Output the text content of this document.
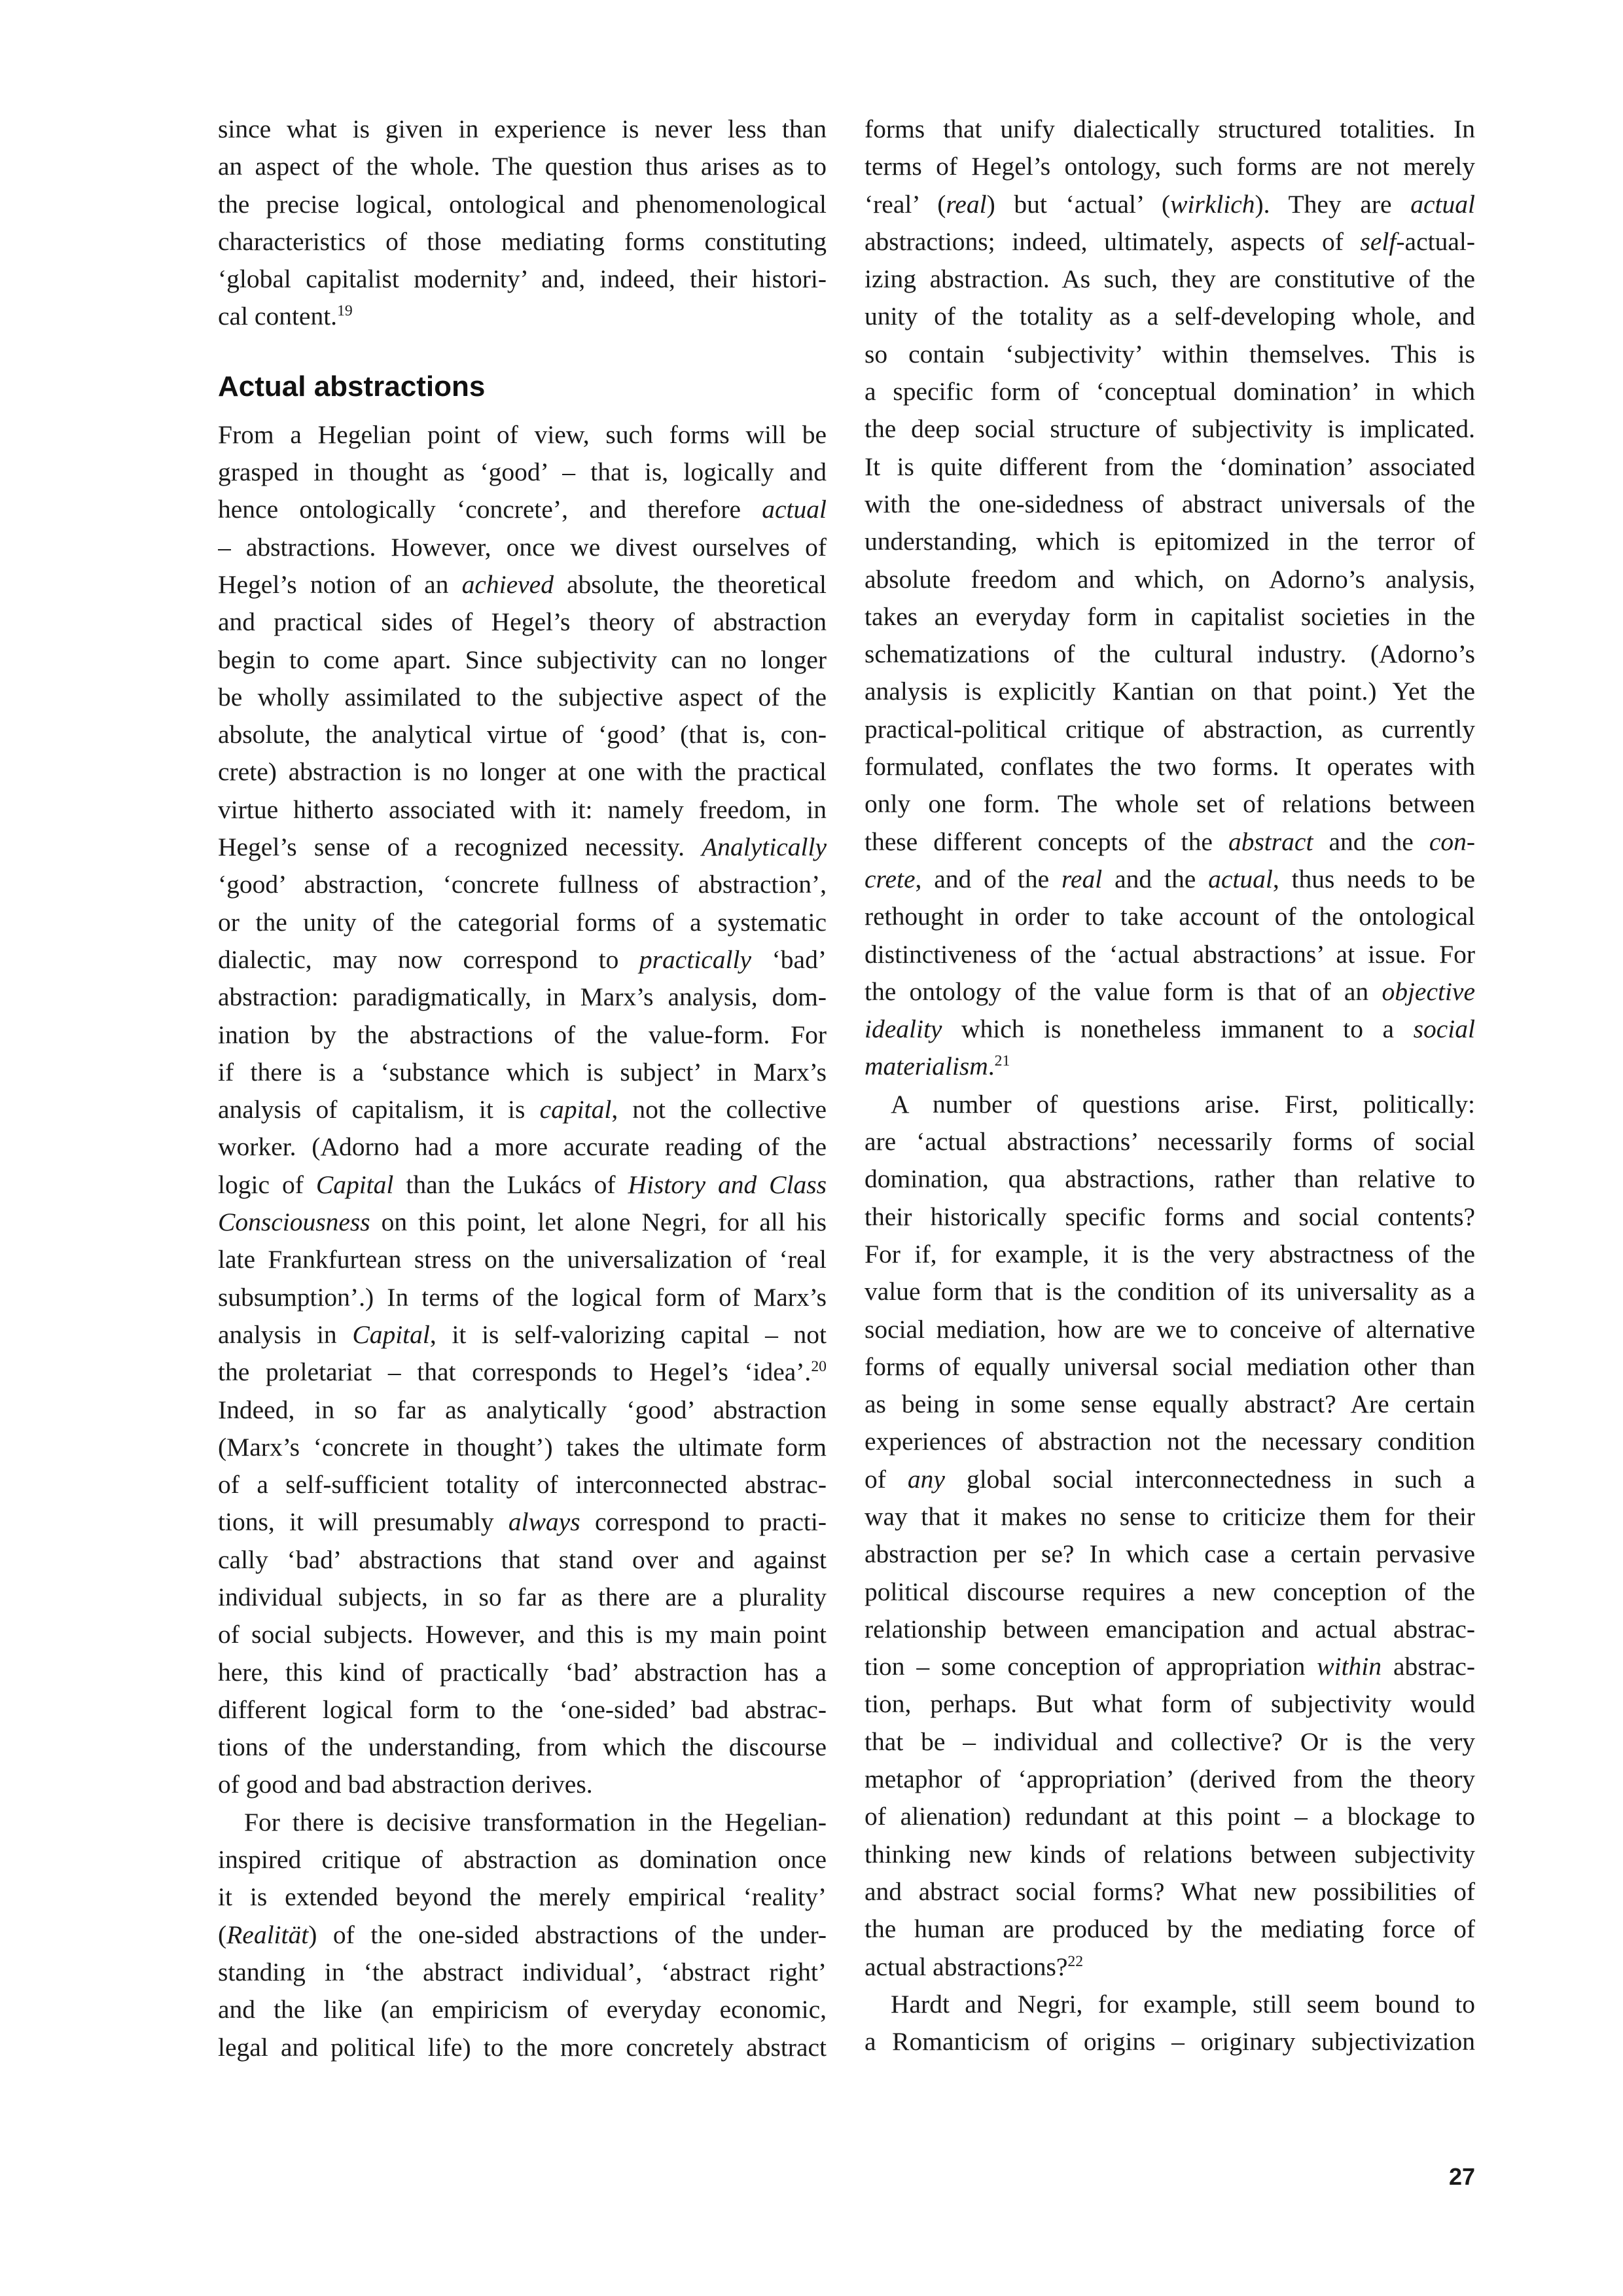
since what is given in experience is never less than
an aspect of the whole. The question thus arises as to
the precise logical, ontological and phenomenological
characteristics of those mediating forms constituting
‘global capitalist modernity’ and, indeed, their histori-
cal content.$^{19}$
Actual abstractions
From a Hegelian point of view, such forms will be
grasped in thought as ‘good’ – that is, logically and
hence ontologically ‘concrete’, and therefore actual
– abstractions. However, once we divest ourselves of
Hegel’s notion of an achieved absolute, the theoretical
and practical sides of Hegel’s theory of abstraction
begin to come apart. Since subjectivity can no longer
be wholly assimilated to the subjective aspect of the
absolute, the analytical virtue of ‘good’ (that is, con-
crete) abstraction is no longer at one with the practical
virtue hitherto associated with it: namely freedom, in
Hegel’s sense of a recognized necessity. Analytically
‘good’ abstraction, ‘concrete fullness of abstraction’,
or the unity of the categorial forms of a systematic
dialectic, may now correspond to practically ‘bad’
abstraction: paradigmatically, in Marx’s analysis, dom-
ination by the abstractions of the value-form. For
if there is a ‘substance which is subject’ in Marx’s
analysis of capitalism, it is capital, not the collective
worker. (Adorno had a more accurate reading of the
logic of Capital than the Lukács of History and Class
Consciousness on this point, let alone Negri, for all his
late Frankfurtean stress on the universalization of ‘real
subsumption’.) In terms of the logical form of Marx’s
analysis in Capital, it is self-valorizing capital – not
the proletariat – that corresponds to Hegel’s ‘idea’.$^{20}$
Indeed, in so far as analytically ‘good’ abstraction
(Marx’s ‘concrete in thought’) takes the ultimate form
of a self-sufficient totality of interconnected abstrac-
tions, it will presumably always correspond to practi-
cally ‘bad’ abstractions that stand over and against
individual subjects, in so far as there are a plurality
of social subjects. However, and this is my main point
here, this kind of practically ‘bad’ abstraction has a
different logical form to the ‘one-sided’ bad abstrac-
tions of the understanding, from which the discourse
of good and bad abstraction derives.
For there is decisive transformation in the Hegelian-
inspired critique of abstraction as domination once
it is extended beyond the merely empirical ‘reality’
(Realität) of the one-sided abstractions of the under-
standing in ‘the abstract individual’, ‘abstract right’
and the like (an empiricism of everyday economic,
legal and political life) to the more concretely abstract
forms that unify dialectically structured totalities. In
terms of Hegel’s ontology, such forms are not merely
‘real’ (real) but ‘actual’ (wirklich). They are actual
abstractions; indeed, ultimately, aspects of self-actual-
izing abstraction. As such, they are constitutive of the
unity of the totality as a self-developing whole, and
so contain ‘subjectivity’ within themselves. This is
a specific form of ‘conceptual domination’ in which
the deep social structure of subjectivity is implicated.
It is quite different from the ‘domination’ associated
with the one-sidedness of abstract universals of the
understanding, which is epitomized in the terror of
absolute freedom and which, on Adorno’s analysis,
takes an everyday form in capitalist societies in the
schematizations of the cultural industry. (Adorno’s
analysis is explicitly Kantian on that point.) Yet the
practical-political critique of abstraction, as currently
formulated, conflates the two forms. It operates with
only one form. The whole set of relations between
these different concepts of the abstract and the con-
crete, and of the real and the actual, thus needs to be
rethought in order to take account of the ontological
distinctiveness of the ‘actual abstractions’ at issue. For
the ontology of the value form is that of an objective
ideality which is nonetheless immanent to a social
materialism.$^{21}$
A number of questions arise. First, politically:
are ‘actual abstractions’ necessarily forms of social
domination, qua abstractions, rather than relative to
their historically specific forms and social contents?
For if, for example, it is the very abstractness of the
value form that is the condition of its universality as a
social mediation, how are we to conceive of alternative
forms of equally universal social mediation other than
as being in some sense equally abstract? Are certain
experiences of abstraction not the necessary condition
of any global social interconnectedness in such a
way that it makes no sense to criticize them for their
abstraction per se? In which case a certain pervasive
political discourse requires a new conception of the
relationship between emancipation and actual abstrac-
tion – some conception of appropriation within abstrac-
tion, perhaps. But what form of subjectivity would
that be – individual and collective? Or is the very
metaphor of ‘appropriation’ (derived from the theory
of alienation) redundant at this point – a blockage to
thinking new kinds of relations between subjectivity
and abstract social forms? What new possibilities of
the human are produced by the mediating force of
actual abstractions?$^{22}$
Hardt and Negri, for example, still seem bound to
a Romanticism of origins – originary subjectivization
27
